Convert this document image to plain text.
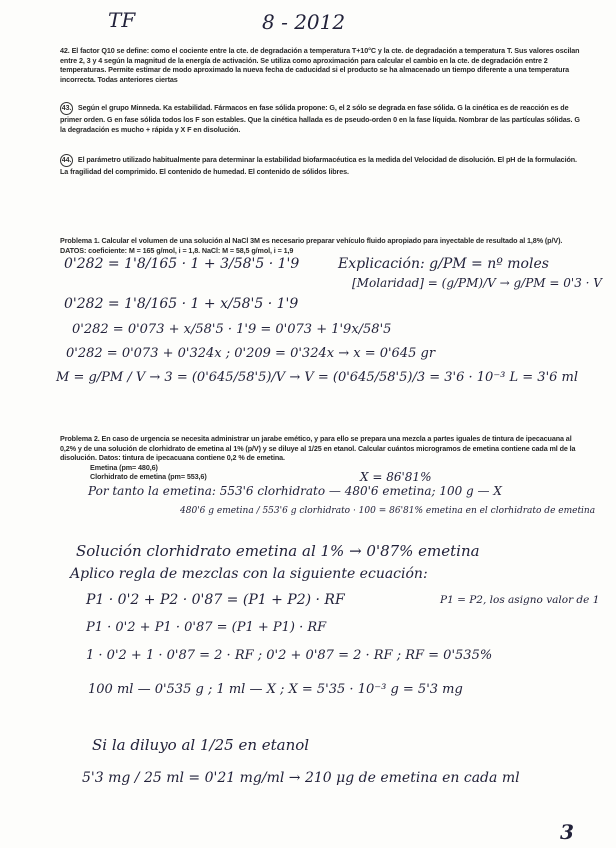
TF	8 - 2012
42. El factor Q10 se define: como el cociente entre la cte. de degradación a temperatura T+10°C y la cte. de degradación a temperatura T. Sus valores oscilan entre 2, 3 y 4 según la magnitud de la energía de activación. Se utiliza como aproximación para calcular el cambio en la cte. de degradación entre 2 temperaturas. Permite estimar de modo aproximado la nueva fecha de caducidad si el producto se ha almacenado un tiempo diferente a una temperatura incorrecta. Todas anteriores ciertas
43. Según el grupo Minneda. Ka estabilidad. Fármacos en fase sólida propone: G, el 2 sólo se degrada en fase sólida. G la cinética es de reacción es de primer orden. G en fase sólida todos los F son estables. Que la cinética hallada es de pseudo-orden 0 en la fase líquida. Nombrar de las partículas sólidas. G la degradación es mucho + rápida y X F en disolución.
44. El parámetro utilizado habitualmente para determinar la estabilidad biofarmacéutica es la medida del Velocidad de disolución. El pH de la formulación. La fragilidad del comprimido. El contenido de humedad. El contenido de sólidos libres.
Problema 1. Calcular el volumen de una solución al NaCl 3M es necesario preparar vehículo fluido apropiado para inyectable de resultado al 1,8% (p/V). DATOS: coeficiente: M = 165 g/mol, i = 1,8. NaCl: M = 58,5 g/mol, i = 1,9
0'282 = 1'8/165 · 1 + 3/58'5 · 1'9	Explicación: g/PM = nº moles
[Molaridad] = (g/PM)/V → g/PM = 0'3 · V
0'282 = 1'8/165 · 1 + x/58'5 · 1'9
0'282 = 0'073 + x/58'5 · 1'9 = 0'073 + 1'9x/58'5
0'282 = 0'073 + 0'324x ; 0'209 = 0'324x → x = 0'645 gr
M = g/PM / V → 3 = (0'645/58'5)/V → V = (0'645/58'5)/3 = 3'6 · 10⁻³ L = 3'6 ml
Problema 2. En caso de urgencia se necesita administrar un jarabe emético, y para ello se prepara una mezcla a partes iguales de tintura de ipecacuana al 0,2% y de una solución de clorhidrato de emetina al 1% (p/V) y se diluye al 1/25 en etanol. Calcular cuántos microgramos de emetina contiene cada ml de la disolución. Datos: tintura de ipecacuana contiene 0,2 % de emetina.
Emetina (pm= 480,6)
Clorhidrato de emetina (pm= 553,6)
Por tanto la emetina: 553'6 clorhidrato — 480'6 emetina; 100 g — X
X = 86'81%
480'6 g emetina / 553'6 g clorhidrato · 100 = 86'81% emetina en el clorhidrato de emetina
Solución clorhidrato emetina al 1% → 0'87% emetina
Aplico regla de mezclas con la siguiente ecuación:
P1 · 0'2 + P2 · 0'87 = (P1 + P2) · RF	P1 = P2, los asigno valor de 1
P1 · 0'2 + P1 · 0'87 = (P1 + P1) · RF
1 · 0'2 + 1 · 0'87 = 2 · RF ; 0'2 + 0'87 = 2 · RF ; RF = 0'535%
100 ml — 0'535 g ; 1 ml — X ; X = 5'35 · 10⁻³ g = 5'3 mg
Si la diluyo al 1/25 en etanol
5'3 mg / 25 ml = 0'21 mg/ml → 210 μg de emetina en cada ml
3
